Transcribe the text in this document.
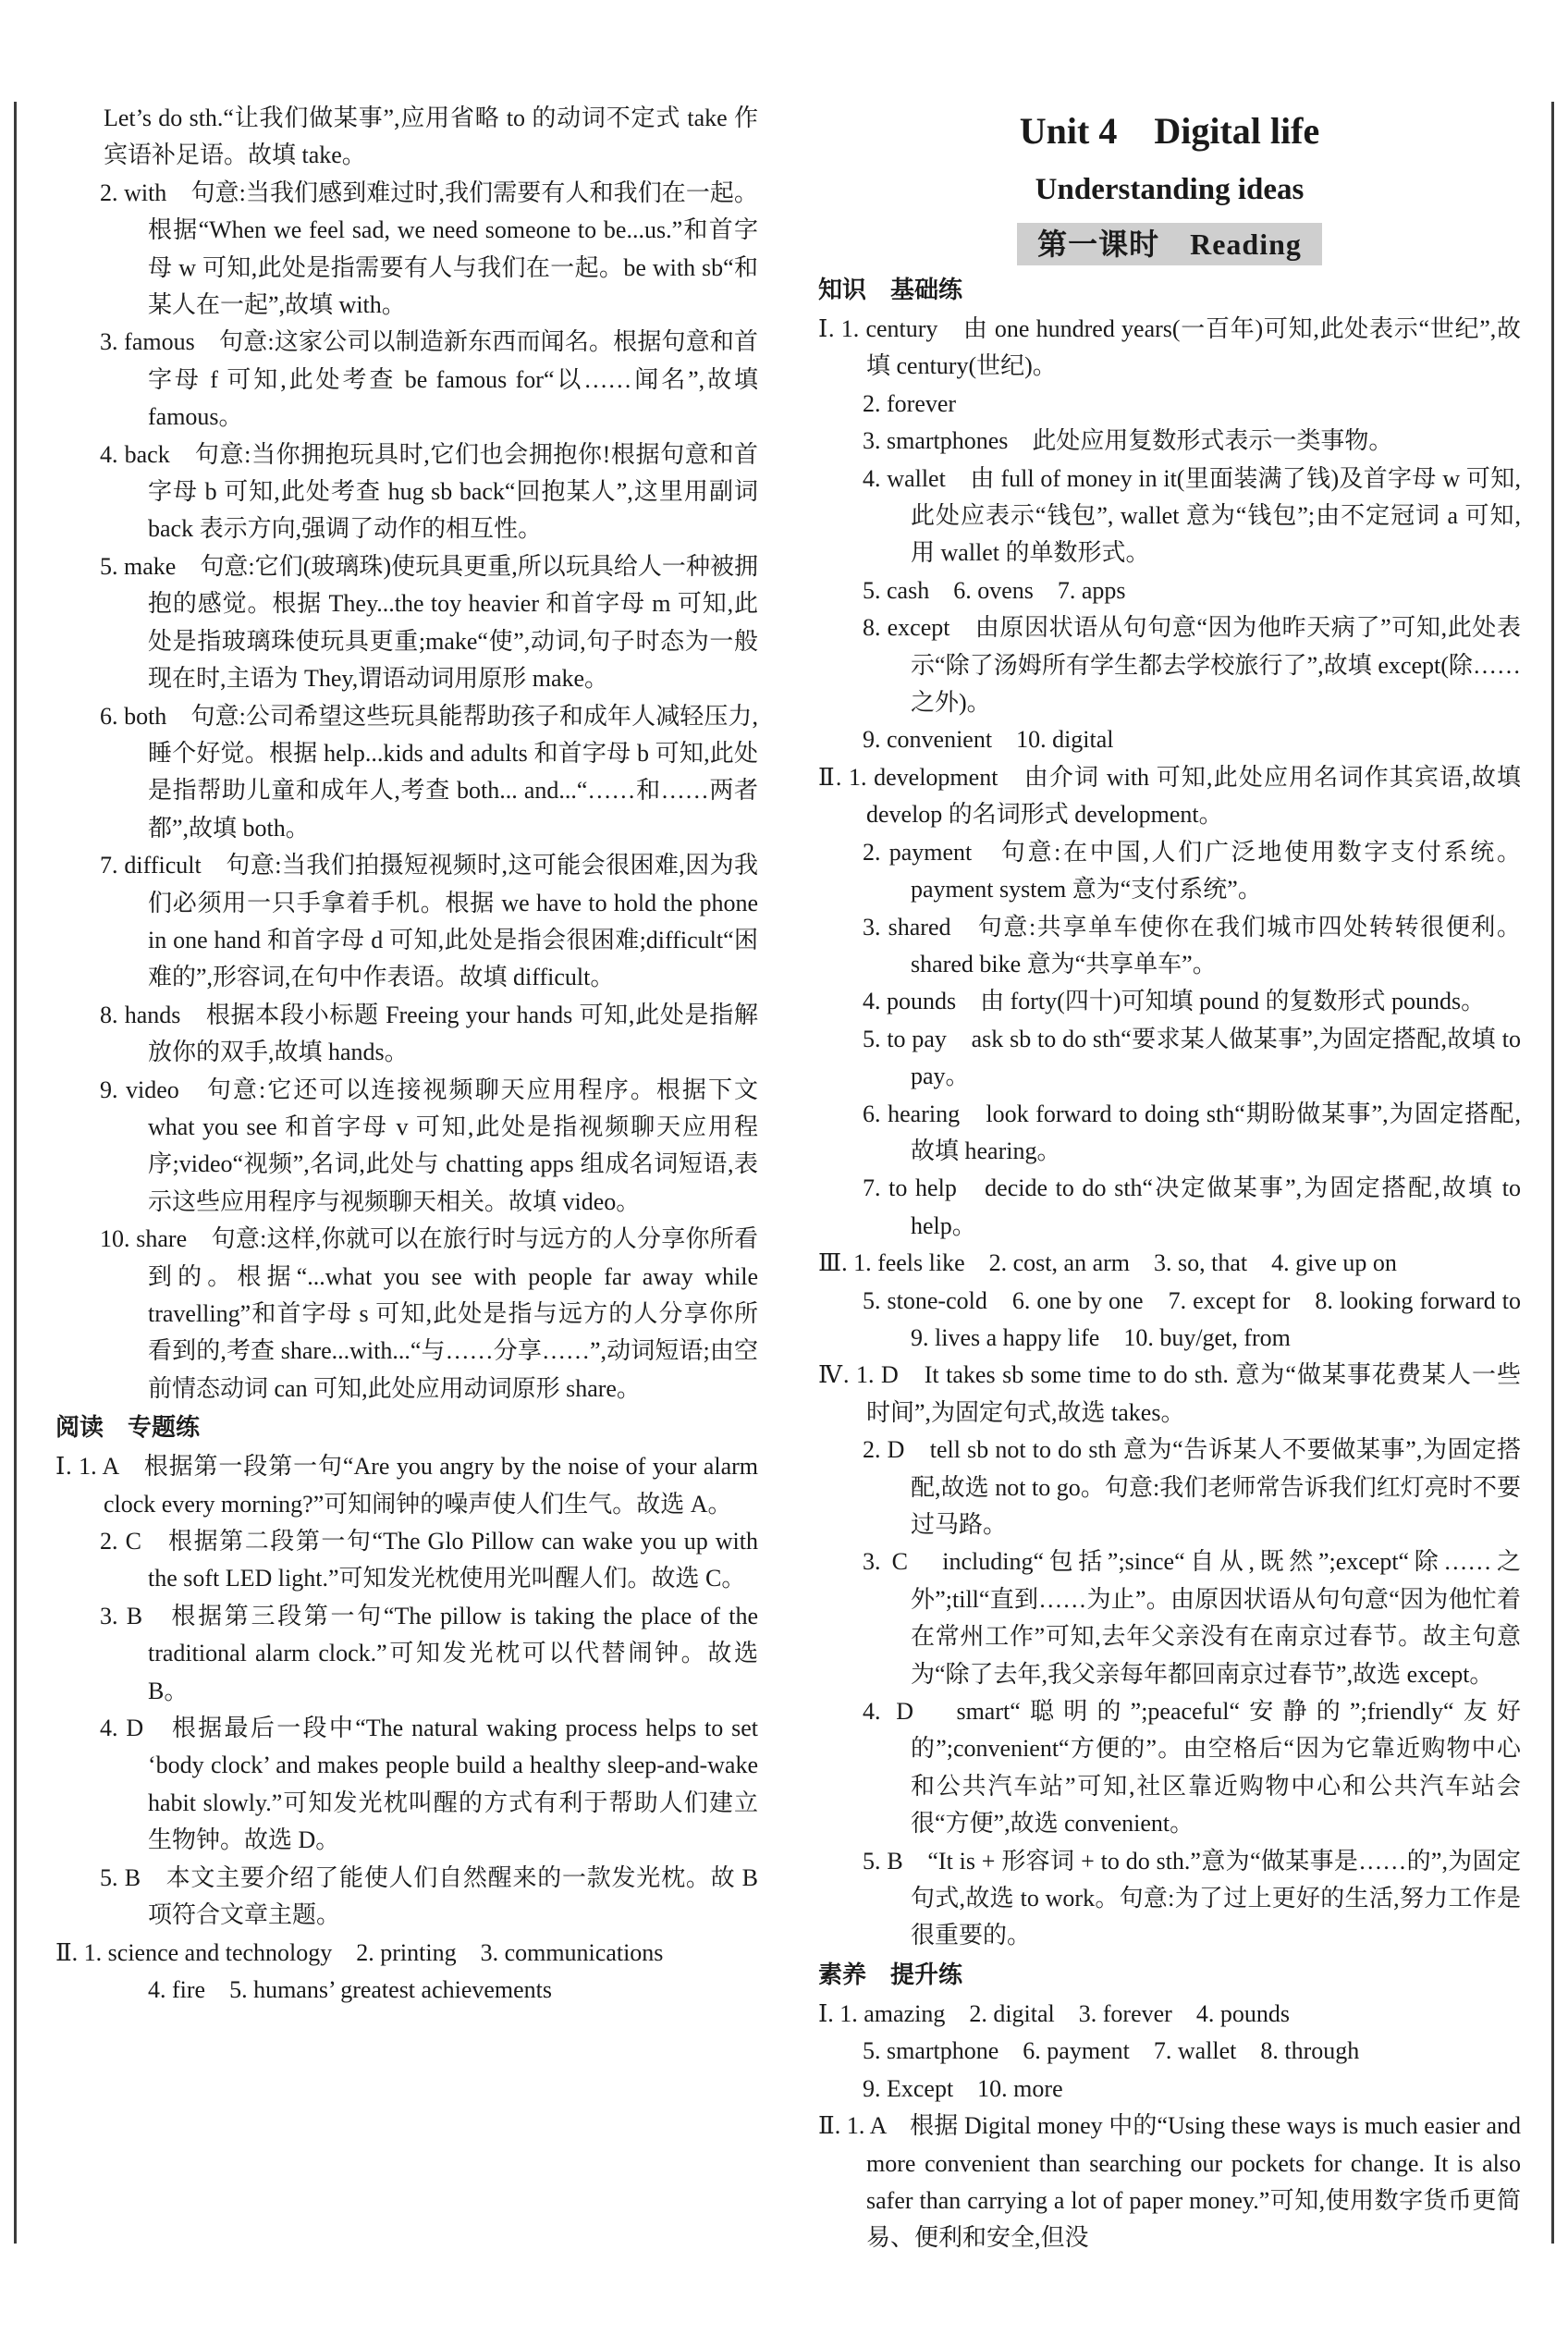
Let’s do sth.“让我们做某事”,应用省略 to 的动词不定式 take 作宾语补足语。故填 take。

2. with　句意:当我们感到难过时,我们需要有人和我们在一起。根据“When we feel sad, we need someone to be...us.”和首字母 w 可知,此处是指需要有人与我们在一起。be with sb“和某人在一起”,故填 with。

3. famous　句意:这家公司以制造新东西而闻名。根据句意和首字母 f 可知,此处考查 be famous for“以……闻名”,故填 famous。

4. back　句意:当你拥抱玩具时,它们也会拥抱你!根据句意和首字母 b 可知,此处考查 hug sb back“回抱某人”,这里用副词 back 表示方向,强调了动作的相互性。

5. make　句意:它们(玻璃珠)使玩具更重,所以玩具给人一种被拥抱的感觉。根据 They...the toy heavier 和首字母 m 可知,此处是指玻璃珠使玩具更重;make“使”,动词,句子时态为一般现在时,主语为 They,谓语动词用原形 make。

6. both　句意:公司希望这些玩具能帮助孩子和成年人减轻压力,睡个好觉。根据 help...kids and adults 和首字母 b 可知,此处是指帮助儿童和成年人,考查 both... and...“……和……两者都”,故填 both。

7. difficult　句意:当我们拍摄短视频时,这可能会很困难,因为我们必须用一只手拿着手机。根据 we have to hold the phone in one hand 和首字母 d 可知,此处是指会很困难;difficult“困难的”,形容词,在句中作表语。故填 difficult。

8. hands　根据本段小标题 Freeing your hands 可知,此处是指解放你的双手,故填 hands。

9. video　句意:它还可以连接视频聊天应用程序。根据下文 what you see 和首字母 v 可知,此处是指视频聊天应用程序;video“视频”,名词,此处与 chatting apps 组成名词短语,表示这些应用程序与视频聊天相关。故填 video。

10. share　句意:这样,你就可以在旅行时与远方的人分享你所看到的。根据“...what you see with people far away while travelling”和首字母 s 可知,此处是指与远方的人分享你所看到的,考查 share...with...“与……分享……”,动词短语;由空前情态动词 can 可知,此处应用动词原形 share。

阅读　专题练

Ⅰ. 1. A　根据第一段第一句“Are you angry by the noise of your alarm clock every morning?”可知闹钟的噪声使人们生气。故选 A。

2. C　根据第二段第一句“The Glo Pillow can wake you up with the soft LED light.”可知发光枕使用光叫醒人们。故选 C。

3. B　根据第三段第一句“The pillow is taking the place of the traditional alarm clock.”可知发光枕可以代替闹钟。故选 B。

4. D　根据最后一段中“The natural waking process helps to set ‘body clock’ and makes people build a healthy sleep-and-wake habit slowly.”可知发光枕叫醒的方式有利于帮助人们建立生物钟。故选 D。

5. B　本文主要介绍了能使人们自然醒来的一款发光枕。故 B 项符合文章主题。

Ⅱ. 1. science and technology　2. printing　3. communications

4. fire　5. humans’ greatest achievements

Unit 4　Digital life
Understanding ideas
第一课时　Reading

知识　基础练

Ⅰ. 1. century　由 one hundred years(一百年)可知,此处表示“世纪”,故填 century(世纪)。

2. forever

3. smartphones　此处应用复数形式表示一类事物。

4. wallet　由 full of money in it(里面装满了钱)及首字母 w 可知,此处应表示“钱包”, wallet 意为“钱包”;由不定冠词 a 可知,用 wallet 的单数形式。

5. cash　6. ovens　7. apps

8. except　由原因状语从句句意“因为他昨天病了”可知,此处表示“除了汤姆所有学生都去学校旅行了”,故填 except(除……之外)。

9. convenient　10. digital

Ⅱ. 1. development　由介词 with 可知,此处应用名词作其宾语,故填 develop 的名词形式 development。

2. payment　句意:在中国,人们广泛地使用数字支付系统。payment system 意为“支付系统”。

3. shared　句意:共享单车使你在我们城市四处转转很便利。shared bike 意为“共享单车”。

4. pounds　由 forty(四十)可知填 pound 的复数形式 pounds。

5. to pay　ask sb to do sth“要求某人做某事”,为固定搭配,故填 to pay。

6. hearing　look forward to doing sth“期盼做某事”,为固定搭配,故填 hearing。

7. to help　decide to do sth“决定做某事”,为固定搭配,故填 to help。

Ⅲ. 1. feels like　2. cost, an arm　3. so, that　4. give up on

5. stone-cold　6. one by one　7. except for　8. looking forward to　9. lives a happy life　10. buy/get, from

Ⅳ. 1. D　It takes sb some time to do sth. 意为“做某事花费某人一些时间”,为固定句式,故选 takes。

2. D　tell sb not to do sth 意为“告诉某人不要做某事”,为固定搭配,故选 not to go。句意:我们老师常告诉我们红灯亮时不要过马路。

3. C　including“包括”;since“自从,既然”;except“除……之外”;till“直到……为止”。由原因状语从句句意“因为他忙着在常州工作”可知,去年父亲没有在南京过春节。故主句意为“除了去年,我父亲每年都回南京过春节”,故选 except。

4. D　smart“聪明的”;peaceful“安静的”;friendly“友好的”;convenient“方便的”。由空格后“因为它靠近购物中心和公共汽车站”可知,社区靠近购物中心和公共汽车站会很“方便”,故选 convenient。

5. B　“It is + 形容词 + to do sth.”意为“做某事是……的”,为固定句式,故选 to work。句意:为了过上更好的生活,努力工作是很重要的。

素养　提升练

Ⅰ. 1. amazing　2. digital　3. forever　4. pounds

5. smartphone　6. payment　7. wallet　8. through

9. Except　10. more

Ⅱ. 1. A　根据 Digital money 中的“Using these ways is much easier and more convenient than searching our pockets for change. It is also safer than carrying a lot of paper money.”可知,使用数字货币更简易、便利和安全,但没
